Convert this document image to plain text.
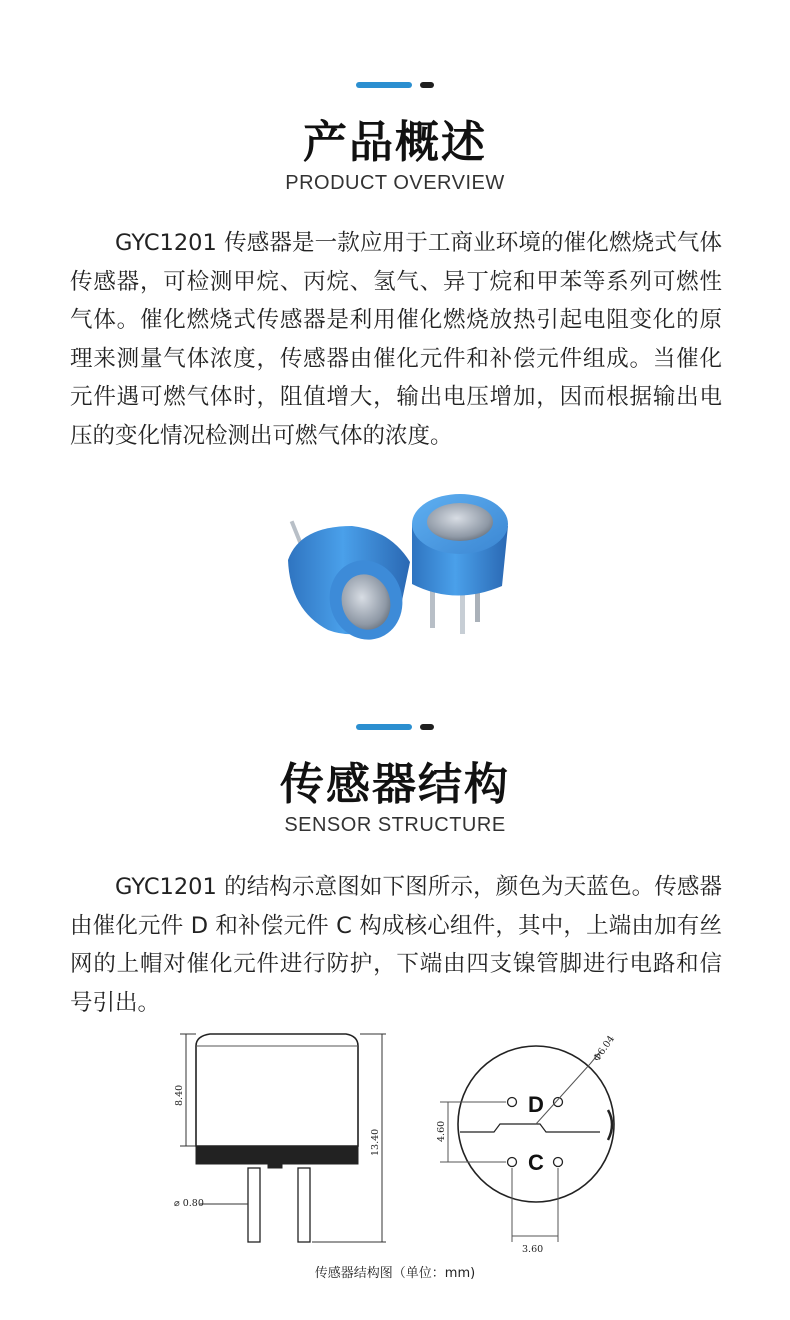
产品概述
PRODUCT OVERVIEW
GYC1201 传感器是一款应用于工商业环境的催化燃烧式气体传感器，可检测甲烷、丙烷、氢气、异丁烷和甲苯等系列可燃性气体。催化燃烧式传感器是利用催化燃烧放热引起电阻变化的原理来测量气体浓度，传感器由催化元件和补偿元件组成。当催化元件遇可燃气体时，阻值增大，输出电压增加，因而根据输出电压的变化情况检测出可燃气体的浓度。
传感器结构
SENSOR STRUCTURE
GYC1201 的结构示意图如下图所示，颜色为天蓝色。传感器由催化元件 D 和补偿元件 C 构成核心组件，其中，上端由加有丝网的上帽对催化元件进行防护，下端由四支镍管脚进行电路和信号引出。
8.40
13.40
⌀ 0.80
D
C
Φ6.04
4.60
3.60
传感器结构图（单位：mm)
